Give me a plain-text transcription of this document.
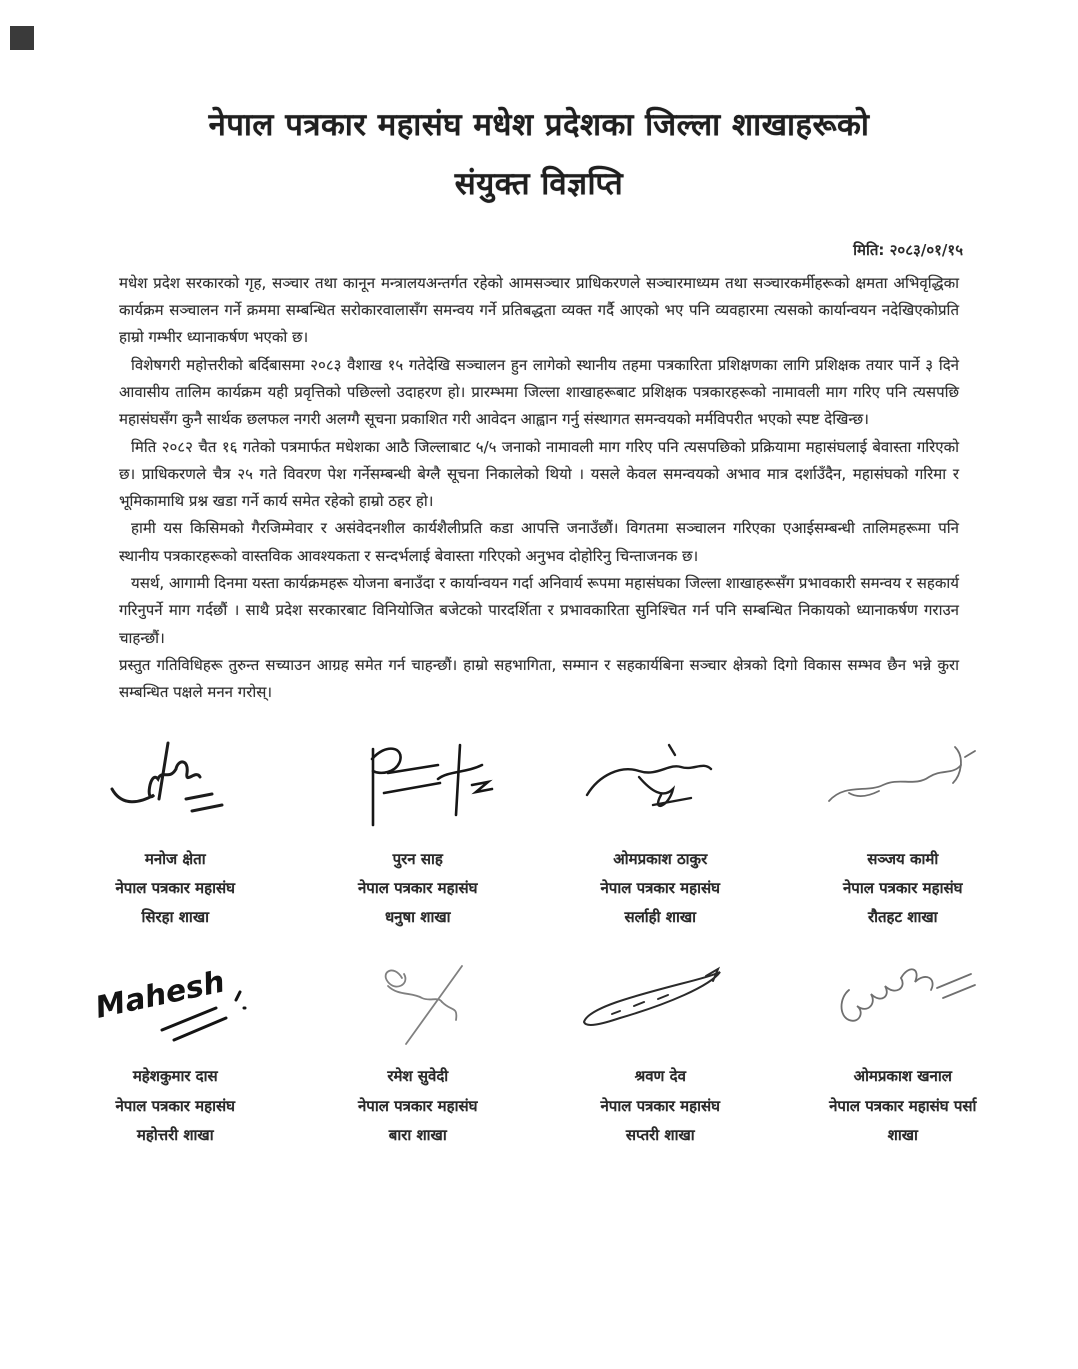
नेपाल पत्रकार महासंघ मधेश प्रदेशका जिल्ला शाखाहरूको
संयुक्त विज्ञप्ति
मिति: २०८३/०१/१५

मधेश प्रदेश सरकारको गृह, सञ्चार तथा कानून मन्त्रालयअन्तर्गत रहेको आमसञ्चार प्राधिकरणले सञ्चारमाध्यम तथा सञ्चारकर्मीहरूको क्षमता अभिवृद्धिका कार्यक्रम सञ्चालन गर्ने क्रममा सम्बन्धित सरोकारवालासँग समन्वय गर्ने प्रतिबद्धता व्यक्त गर्दै आएको भए पनि व्यवहारमा त्यसको कार्यान्वयन नदेखिएकोप्रति हाम्रो गम्भीर ध्यानाकर्षण भएको छ।

विशेषगरी महोत्तरीको बर्दिबासमा २०८३ वैशाख १५ गतेदेखि सञ्चालन हुन लागेको स्थानीय तहमा पत्रकारिता प्रशिक्षणका लागि प्रशिक्षक तयार पार्ने ३ दिने आवासीय तालिम कार्यक्रम यही प्रवृत्तिको पछिल्लो उदाहरण हो। प्रारम्भमा जिल्ला शाखाहरूबाट प्रशिक्षक पत्रकारहरूको नामावली माग गरिए पनि त्यसपछि महासंघसँग कुनै सार्थक छलफल नगरी अलग्गै सूचना प्रकाशित गरी आवेदन आह्वान गर्नु संस्थागत समन्वयको मर्मविपरीत भएको स्पष्ट देखिन्छ।

मिति २०८२ चैत १६ गतेको पत्रमार्फत मधेशका आठै जिल्लाबाट ५/५ जनाको नामावली माग गरिए पनि त्यसपछिको प्रक्रियामा महासंघलाई बेवास्ता गरिएको छ। प्राधिकरणले चैत्र २५ गते विवरण पेश गर्नेसम्बन्धी बेग्लै सूचना निकालेको थियो । यसले केवल समन्वयको अभाव मात्र दर्शाउँदैन, महासंघको गरिमा र भूमिकामाथि प्रश्न खडा गर्ने कार्य समेत रहेको हाम्रो ठहर हो।

हामी यस किसिमको गैरजिम्मेवार र असंवेदनशील कार्यशैलीप्रति कडा आपत्ति जनाउँछौं। विगतमा सञ्चालन गरिएका एआईसम्बन्धी तालिमहरूमा पनि स्थानीय पत्रकारहरूको वास्तविक आवश्यकता र सन्दर्भलाई बेवास्ता गरिएको अनुभव दोहोरिनु चिन्ताजनक छ।

यसर्थ, आगामी दिनमा यस्ता कार्यक्रमहरू योजना बनाउँदा र कार्यान्वयन गर्दा अनिवार्य रूपमा महासंघका जिल्ला शाखाहरूसँग प्रभावकारी समन्वय र सहकार्य गरिनुपर्ने माग गर्दछौं । साथै प्रदेश सरकारबाट विनियोजित बजेटको पारदर्शिता र प्रभावकारिता सुनिश्चित गर्न पनि सम्बन्धित निकायको ध्यानाकर्षण गराउन चाहन्छौं।

प्रस्तुत गतिविधिहरू तुरुन्त सच्याउन आग्रह समेत गर्न चाहन्छौं। हाम्रो सहभागिता, सम्मान र सहकार्यबिना सञ्चार क्षेत्रको दिगो विकास सम्भव छैन भन्ने कुरा सम्बन्धित पक्षले मनन गरोस्।

मनोज क्षेता
नेपाल पत्रकार महासंघ
सिरहा शाखा
पुरन साह
नेपाल पत्रकार महासंघ
धनुषा शाखा
ओमप्रकाश ठाकुर
नेपाल पत्रकार महासंघ
सर्लाही शाखा
सञ्जय कामी
नेपाल पत्रकार महासंघ
रौतहट शाखा
Mahesh
महेशकुमार दास
नेपाल पत्रकार महासंघ
महोत्तरी शाखा
रमेश सुवेदी
नेपाल पत्रकार महासंघ
बारा शाखा
श्रवण देव
नेपाल पत्रकार महासंघ
सप्तरी शाखा
ओमप्रकाश खनाल
नेपाल पत्रकार महासंघ पर्सा
शाखा
